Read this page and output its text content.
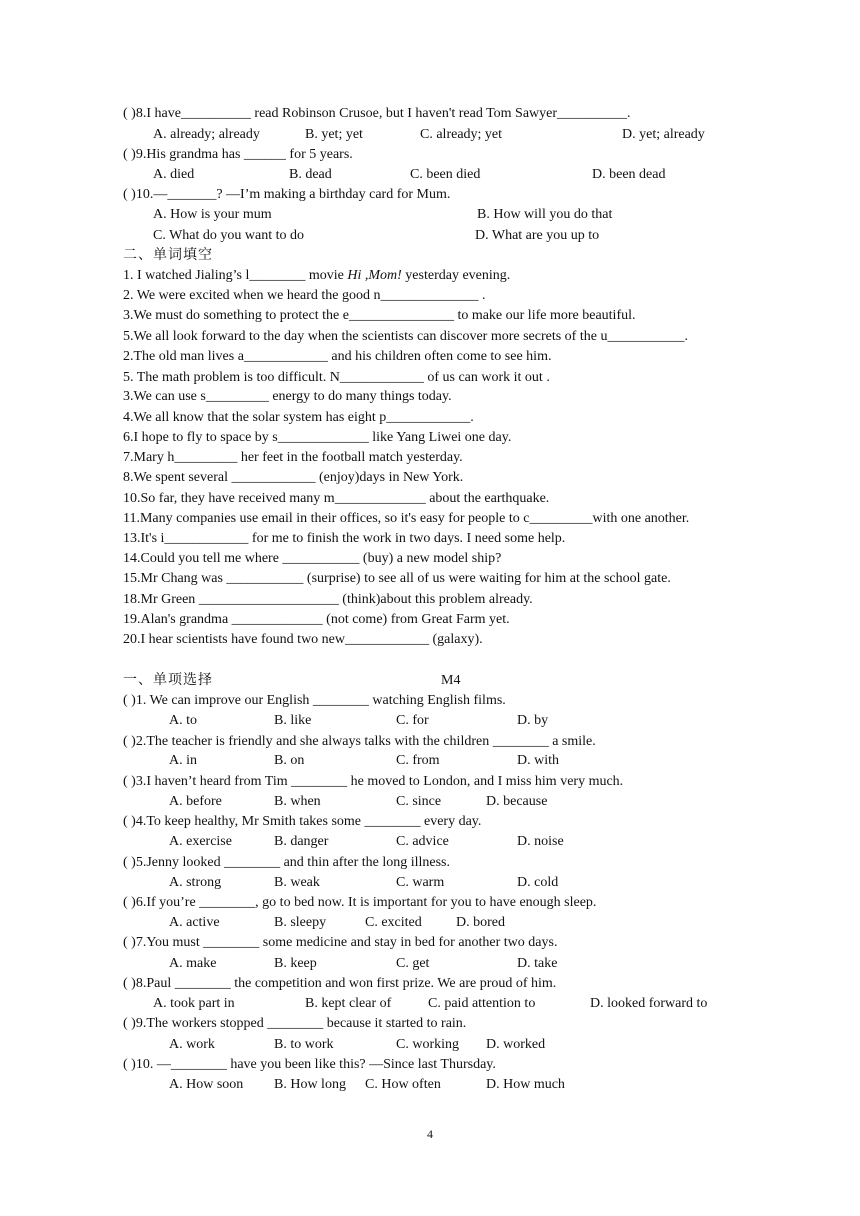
( )8.I have__________ read Robinson Crusoe, but I haven't read Tom Sawyer__________.
A. already; already	B. yet; yet	C. already; yet	D. yet; already
( )9.His grandma has ______ for 5 years.
A. died	B. dead	C. been died	D. been dead
( )10.—_______? —I’m making a birthday card for Mum.
A. How is your mum	B. How will you do that
C. What do you want to do	D. What are you up to
二、单词填空
1. I watched Jialing’s l________ movie Hi ,Mom! yesterday evening.
2. We were excited when we heard the good n______________ .
3.We must do something to protect the e_______________ to make our life more beautiful.
5.We all look forward to the day when the scientists can discover more secrets of the u___________.
2.The old man lives a____________ and his children often come to see him.
5. The math problem is too difficult. N____________ of us can work it out .
3.We can use s_________ energy to do many things today.
4.We all know that the solar system has eight p____________.
6.I hope to fly to space by s_____________ like Yang Liwei one day.
7.Mary h_________ her feet in the football match yesterday.
8.We spent several ____________ (enjoy)days in New York.
10.So far, they have received many m_____________ about the earthquake.
11.Many companies use email in their offices, so it's easy for people to c_________with one another.
13.It's i____________ for me to finish the work in two days. I need some help.
14.Could you tell me where ___________ (buy) a new model ship?
15.Mr Chang was ___________ (surprise) to see all of us were waiting for him at the school gate.
18.Mr Green ____________________ (think)about this problem already.
19.Alan's grandma _____________ (not come) from Great Farm yet.
20.I hear scientists have found two new____________ (galaxy).
一、单项选择	M4
( )1. We can improve our English ________ watching English films.
A. to	B. like	C. for	D. by
( )2.The teacher is friendly and she always talks with the children ________ a smile.
A. in	B. on	C. from	D. with
( )3.I haven’t heard from Tim ________ he moved to London, and I miss him very much.
A. before	B. when	C. since	D. because
( )4.To keep healthy, Mr Smith takes some ________ every day.
A. exercise	B. danger	C. advice	D. noise
( )5.Jenny looked ________ and thin after the long illness.
A. strong	B. weak	C. warm	D. cold
( )6.If you’re ________, go to bed now. It is important for you to have enough sleep.
A. active	B. sleepy	C. excited D. bored
( )7.You must ________ some medicine and stay in bed for another two days.
A. make	B. keep	C. get	D. take
( )8.Paul ________ the competition and won first prize. We are proud of him.
A. took part in	B. kept clear of	C. paid attention to	D. looked forward to
( )9.The workers stopped ________ because it started to rain.
A. work	B. to work	C. working D. worked
( )10. —________ have you been like this? —Since last Thursday.
A. How soon B. How long C. How often	D. How much
4
